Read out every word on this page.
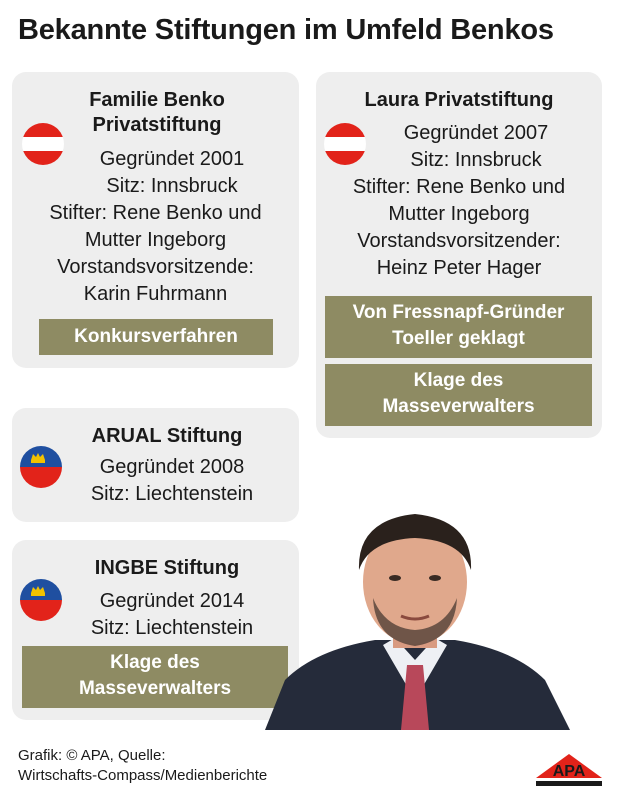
Bekannte Stiftungen im Umfeld Benkos
Familie Benko
Privatstiftung
Gegründet 2001
Sitz: Innsbruck
Stifter: Rene Benko und
Mutter Ingeborg
Vorstandsvorsitzende:
Karin Fuhrmann
Konkursverfahren
Laura Privatstiftung
Gegründet 2007
Sitz: Innsbruck
Stifter: Rene Benko und
Mutter Ingeborg
Vorstandsvorsitzender:
Heinz Peter Hager
Von Fressnapf-Gründer
Toeller geklagt
Klage des
Masseverwalters
ARUAL Stiftung
Gegründet 2008
Sitz: Liechtenstein
INGBE Stiftung
Gegründet 2014
Sitz: Liechtenstein
Klage des
Masseverwalters
Grafik: © APA, Quelle:
Wirtschafts-Compass/Medienberichte	APA
